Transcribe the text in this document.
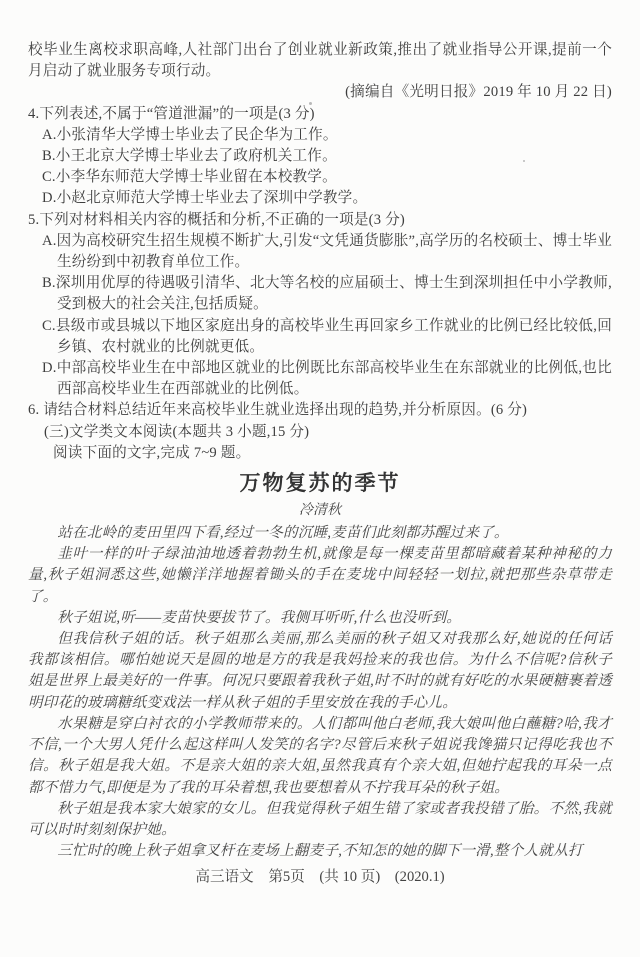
校毕业生离校求职高峰,人社部门出台了创业就业新政策,推出了就业指导公开课,提前一个月启动了就业服务专项行动。

(摘编自《光明日报》2019 年 10 月 22 日)

4.下列表述,不属于“管道泄漏”的一项是(3 分)

A.小张清华大学博士毕业去了民企华为工作。

B.小王北京大学博士毕业去了政府机关工作。

C.小李华东师范大学博士毕业留在本校教学。

D.小赵北京师范大学博士毕业去了深圳中学教学。

5.下列对材料相关内容的概括和分析,不正确的一项是(3 分)

A.因为高校研究生招生规模不断扩大,引发“文凭通货膨胀”,高学历的名校硕士、博士毕业生纷纷到中初教育单位工作。

B.深圳用优厚的待遇吸引清华、北大等名校的应届硕士、博士生到深圳担任中小学教师,受到极大的社会关注,包括质疑。

C.县级市或县城以下地区家庭出身的高校毕业生再回家乡工作就业的比例已经比较低,回乡镇、农村就业的比例就更低。

D.中部高校毕业生在中部地区就业的比例既比东部高校毕业生在东部就业的比例低,也比西部高校毕业生在西部就业的比例低。

6. 请结合材料总结近年来高校毕业生就业选择出现的趋势,并分析原因。(6 分)

(三)文学类文本阅读(本题共 3 小题,15 分)

阅读下面的文字,完成 7~9 题。

万物复苏的季节

冷清秋

站在北岭的麦田里四下看,经过一冬的沉睡,麦苗们此刻都苏醒过来了。

韭叶一样的叶子绿油油地透着勃勃生机,就像是每一棵麦苗里都暗藏着某种神秘的力量,秋子姐洞悉这些,她懒洋洋地握着锄头的手在麦垅中间轻轻一划拉,就把那些杂草带走了。

秋子姐说,听——麦苗快要拔节了。我侧耳听听,什么也没听到。

但我信秋子姐的话。秋子姐那么美丽,那么美丽的秋子姐又对我那么好,她说的任何话我都该相信。哪怕她说天是圆的地是方的我是我妈捡来的我也信。为什么不信呢?信秋子姐是世界上最美好的一件事。何况只要跟着我秋子姐,时不时的就有好吃的水果硬糖裹着透明印花的玻璃糖纸变戏法一样从秋子姐的手里安放在我的手心儿。

水果糖是穿白衬衣的小学教师带来的。人们都叫他白老师,我大娘叫他白蘸糖?哈,我才不信,一个大男人凭什么起这样叫人发笑的名字?尽管后来秋子姐说我馋猫只记得吃我也不信。秋子姐是我大姐。不是亲大姐的亲大姐,虽然我真有个亲大姐,但她拧起我的耳朵一点都不惜力气,即便是为了我的耳朵着想,我也要想着从不拧我耳朵的秋子姐。

秋子姐是我本家大娘家的女儿。但我觉得秋子姐生错了家或者我投错了胎。不然,我就可以时时刻刻保护她。

三忙时的晚上秋子姐拿叉杆在麦场上翻麦子,不知怎的她的脚下一滑,整个人就从打

高三语文　第5页　(共 10 页)　(2020.1)
